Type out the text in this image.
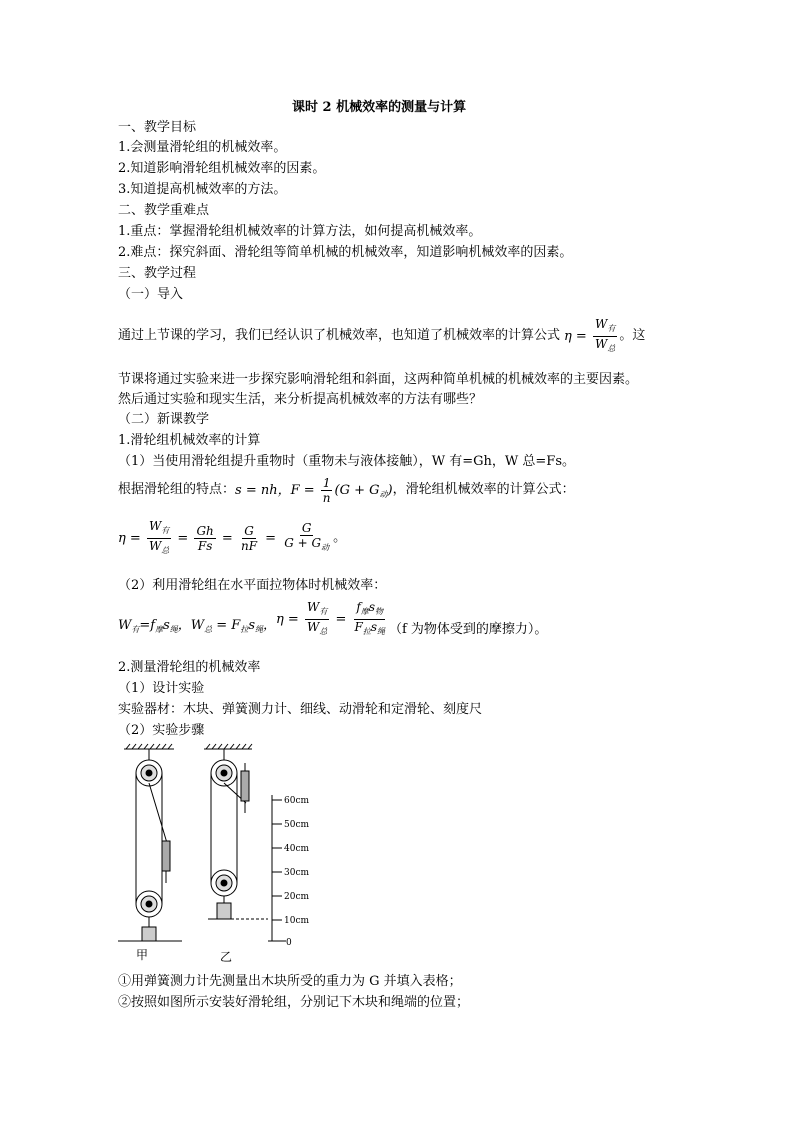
课时 2 机械效率的测量与计算
一、教学目标
1.会测量滑轮组的机械效率。
2.知道影响滑轮组机械效率的因素。
3.知道提高机械效率的方法。
二、教学重难点
1.重点：掌握滑轮组机械效率的计算方法，如何提高机械效率。
2.难点：探究斜面、滑轮组等简单机械的机械效率，知道影响机械效率的因素。
三、教学过程
（一）导入
通过上节课的学习，我们已经认识了机械效率，也知道了机械效率的计算公式 $\eta = \frac{W_有}{W_总}$ 。这
节课将通过实验来进一步探究影响滑轮组和斜面，这两种简单机械的机械效率的主要因素。
然后通过实验和现实生活，来分析提高机械效率的方法有哪些？
（二）新课教学
1.滑轮组机械效率的计算
（1）当使用滑轮组提升重物时（重物未与液体接触），W 有=Gh，W 总=Fs。
根据滑轮组的特点： s = nh，$F = \frac{1}{n} (G + G_动)$ ，滑轮组机械效率的计算公式：
$\eta = \frac{W_有}{W_总} = \frac{Gh}{Fs} = \frac{G}{nF} = \frac{G}{G + G_动}$ 。
（2）利用滑轮组在水平面拉物体时机械效率：
$W_有=f_摩s_绳$，$W_总 = F_拉s_绳$， $\eta = \frac{W_有}{W_总} = \frac{f_摩s_物}{F_拉s_绳} (f$ 为物体受到的摩擦力）。
2.测量滑轮组的机械效率
（1）设计实验
实验器材：木块、弹簧测力计、细线、动滑轮和定滑轮、刻度尺
（2）实验步骤
60cm
50cm
40cm
30cm
20cm
10cm
0
甲	乙
①用弹簧测力计先测量出木块所受的重力为 G 并填入表格；
②按照如图所示安装好滑轮组，分别记下木块和绳端的位置；
